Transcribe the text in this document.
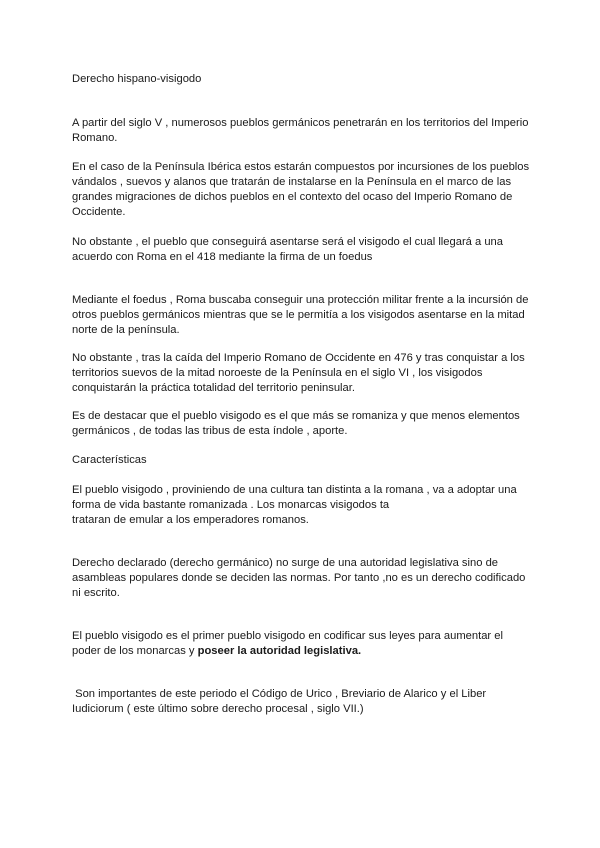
Derecho hispano-visigodo
A partir del siglo V , numerosos pueblos germánicos penetrarán en los territorios del Imperio
Romano.
En el caso de la Península Ibérica estos estarán compuestos por incursiones de los pueblos
vándalos , suevos y alanos que tratarán de instalarse en la Península en el marco de las
grandes migraciones de dichos pueblos en el contexto del ocaso del Imperio Romano de
Occidente.
No obstante , el pueblo que conseguirá asentarse será el visigodo el cual llegará a una
acuerdo con Roma en el 418 mediante la firma de un foedus
Mediante el foedus , Roma buscaba conseguir una protección militar frente a la incursión de
otros pueblos germánicos mientras que se le permitía a los visigodos asentarse en la mitad
norte de la península.
No obstante , tras la caída del Imperio Romano de Occidente en 476 y tras conquistar a los
territorios suevos de la mitad noroeste de la Península en el siglo VI , los visigodos
conquistarán la práctica totalidad del territorio peninsular.
Es de destacar que el pueblo visigodo es el que más se romaniza y que menos elementos
germánicos , de todas las tribus de esta índole , aporte.
Características
El pueblo visigodo , proviniendo de una cultura tan distinta a la romana , va a adoptar una
forma de vida bastante romanizada . Los monarcas visigodos ta
trataran de emular a los emperadores romanos.
Derecho declarado (derecho germánico) no surge de una autoridad legislativa sino de
asambleas populares donde se deciden las normas. Por tanto ,no es un derecho codificado
ni escrito.
El pueblo visigodo es el primer pueblo visigodo en codificar sus leyes para aumentar el
poder de los monarcas y poseer la autoridad legislativa.
Son importantes de este periodo el Código de Urico , Breviario de Alarico y el Liber
Iudiciorum ( este último sobre derecho procesal , siglo VII.)
